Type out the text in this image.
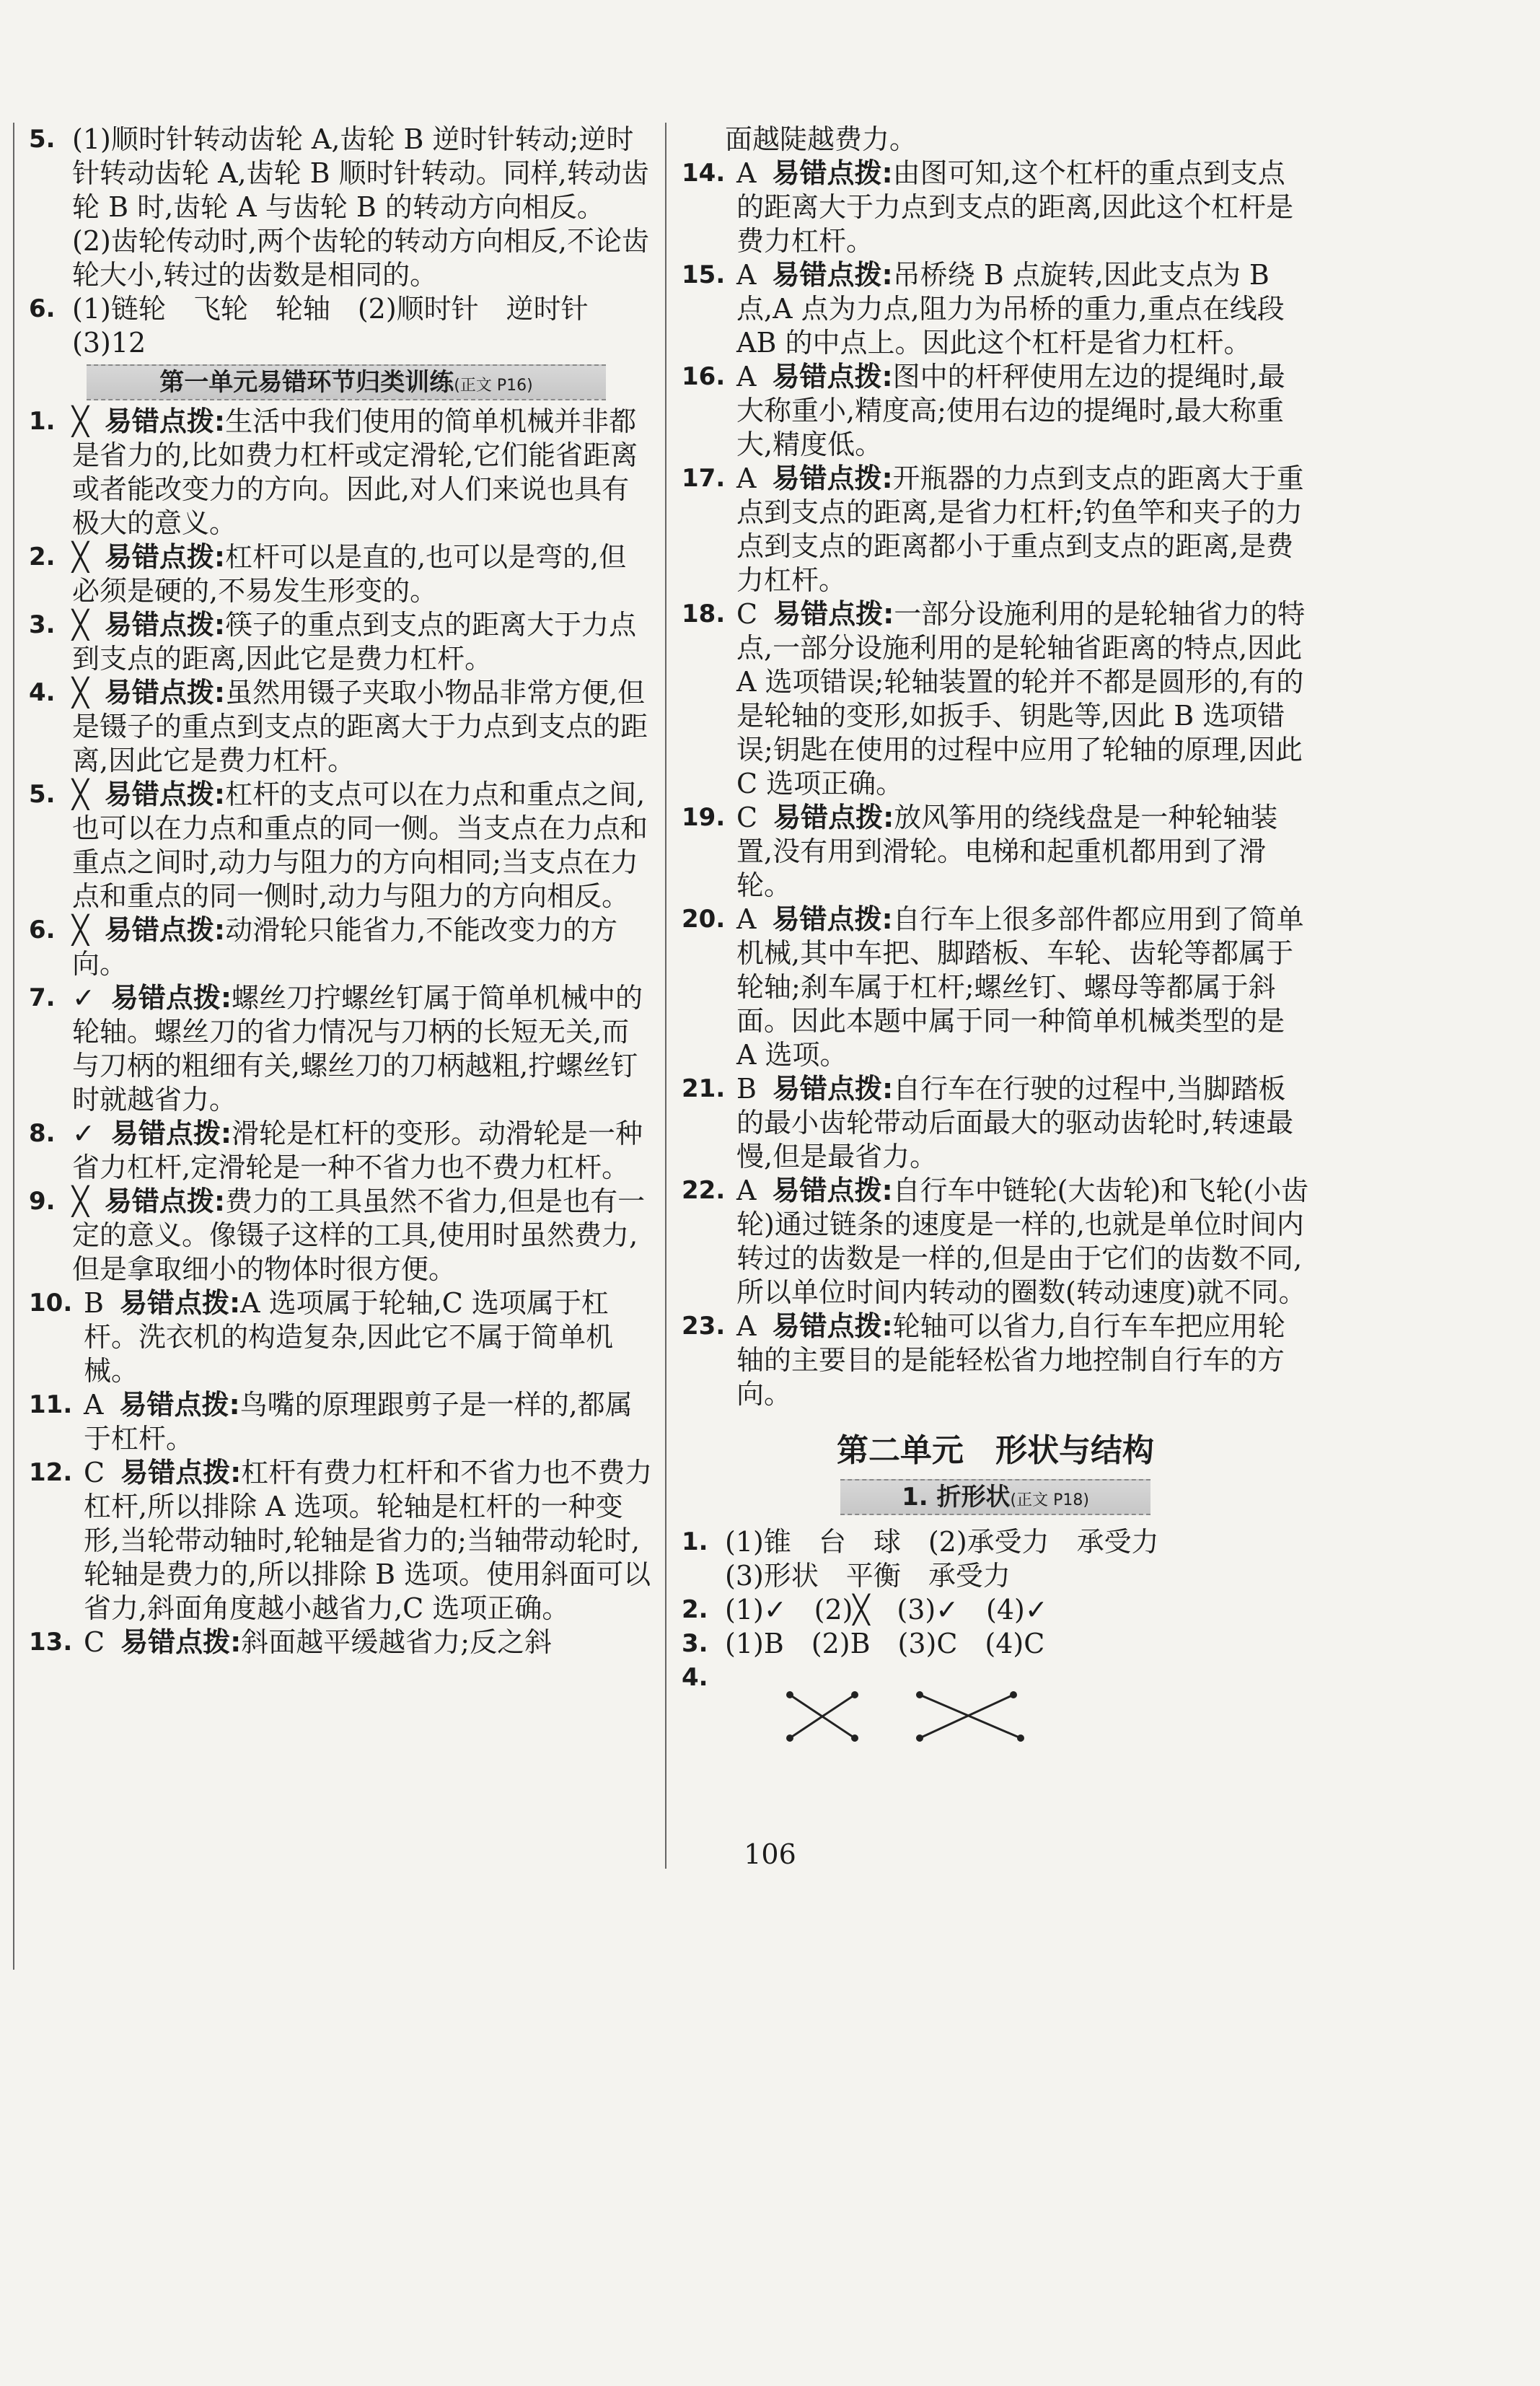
5. (1)顺时针转动齿轮 A,齿轮 B 逆时针转动;逆时针转动齿轮 A,齿轮 B 顺时针转动。同样,转动齿轮 B 时,齿轮 A 与齿轮 B 的转动方向相反。
(2)齿轮传动时,两个齿轮的转动方向相反,不论齿轮大小,转过的齿数是相同的。
6. (1)链轮　飞轮　轮轴　(2)顺时针　逆时针　(3)12
第一单元易错环节归类训练(正文 P16)
1. ╳ 易错点拨:生活中我们使用的简单机械并非都是省力的,比如费力杠杆或定滑轮,它们能省距离或者能改变力的方向。因此,对人们来说也具有极大的意义。
2. ╳ 易错点拨:杠杆可以是直的,也可以是弯的,但必须是硬的,不易发生形变的。
3. ╳ 易错点拨:筷子的重点到支点的距离大于力点到支点的距离,因此它是费力杠杆。
4. ╳ 易错点拨:虽然用镊子夹取小物品非常方便,但是镊子的重点到支点的距离大于力点到支点的距离,因此它是费力杠杆。
5. ╳ 易错点拨:杠杆的支点可以在力点和重点之间,也可以在力点和重点的同一侧。当支点在力点和重点之间时,动力与阻力的方向相同;当支点在力点和重点的同一侧时,动力与阻力的方向相反。
6. ╳ 易错点拨:动滑轮只能省力,不能改变力的方向。
7. ✓ 易错点拨:螺丝刀拧螺丝钉属于简单机械中的轮轴。螺丝刀的省力情况与刀柄的长短无关,而与刀柄的粗细有关,螺丝刀的刀柄越粗,拧螺丝钉时就越省力。
8. ✓ 易错点拨:滑轮是杠杆的变形。动滑轮是一种省力杠杆,定滑轮是一种不省力也不费力杠杆。
9. ╳ 易错点拨:费力的工具虽然不省力,但是也有一定的意义。像镊子这样的工具,使用时虽然费力,但是拿取细小的物体时很方便。
10. B 易错点拨:A 选项属于轮轴,C 选项属于杠杆。洗衣机的构造复杂,因此它不属于简单机械。
11. A 易错点拨:鸟嘴的原理跟剪子是一样的,都属于杠杆。
12. C 易错点拨:杠杆有费力杠杆和不省力也不费力杠杆,所以排除 A 选项。轮轴是杠杆的一种变形,当轮带动轴时,轮轴是省力的;当轴带动轮时,轮轴是费力的,所以排除 B 选项。使用斜面可以省力,斜面角度越小越省力,C 选项正确。
13. C 易错点拨:斜面越平缓越省力;反之斜
面越陡越费力。
14. A 易错点拨:由图可知,这个杠杆的重点到支点的距离大于力点到支点的距离,因此这个杠杆是费力杠杆。
15. A 易错点拨:吊桥绕 B 点旋转,因此支点为 B 点,A 点为力点,阻力为吊桥的重力,重点在线段 AB 的中点上。因此这个杠杆是省力杠杆。
16. A 易错点拨:图中的杆秤使用左边的提绳时,最大称重小,精度高;使用右边的提绳时,最大称重大,精度低。
17. A 易错点拨:开瓶器的力点到支点的距离大于重点到支点的距离,是省力杠杆;钓鱼竿和夹子的力点到支点的距离都小于重点到支点的距离,是费力杠杆。
18. C 易错点拨:一部分设施利用的是轮轴省力的特点,一部分设施利用的是轮轴省距离的特点,因此 A 选项错误;轮轴装置的轮并不都是圆形的,有的是轮轴的变形,如扳手、钥匙等,因此 B 选项错误;钥匙在使用的过程中应用了轮轴的原理,因此 C 选项正确。
19. C 易错点拨:放风筝用的绕线盘是一种轮轴装置,没有用到滑轮。电梯和起重机都用到了滑轮。
20. A 易错点拨:自行车上很多部件都应用到了简单机械,其中车把、脚踏板、车轮、齿轮等都属于轮轴;刹车属于杠杆;螺丝钉、螺母等都属于斜面。因此本题中属于同一种简单机械类型的是 A 选项。
21. B 易错点拨:自行车在行驶的过程中,当脚踏板的最小齿轮带动后面最大的驱动齿轮时,转速最慢,但是最省力。
22. A 易错点拨:自行车中链轮(大齿轮)和飞轮(小齿轮)通过链条的速度是一样的,也就是单位时间内转过的齿数是一样的,但是由于它们的齿数不同,所以单位时间内转动的圈数(转动速度)就不同。
23. A 易错点拨:轮轴可以省力,自行车车把应用轮轴的主要目的是能轻松省力地控制自行车的方向。
第二单元　形状与结构
1. 折形状(正文 P18)
1. (1)锥　台　球　(2)承受力　承受力
(3)形状　平衡　承受力
2. (1)✓　(2)╳　(3)✓　(4)✓
3. (1)B　(2)B　(3)C　(4)C
4.

106
